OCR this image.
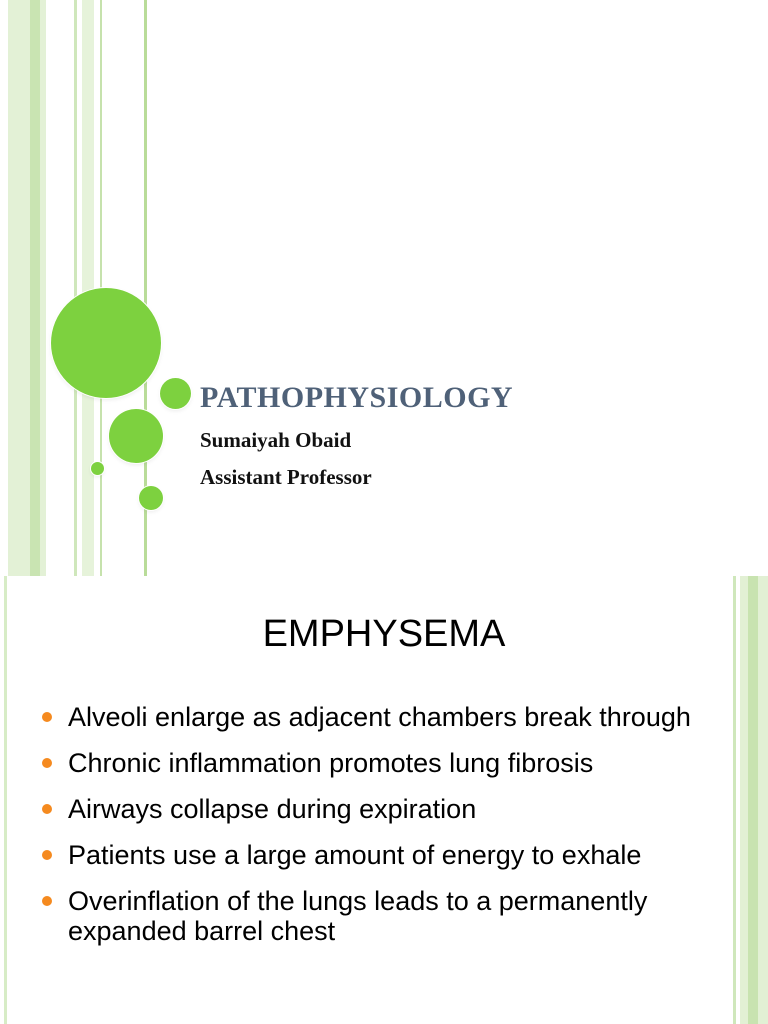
PATHOPHYSIOLOGY
Sumaiyah Obaid
Assistant Professor
EMPHYSEMA
Alveoli enlarge as adjacent chambers break through
Chronic inflammation promotes lung fibrosis
Airways collapse during expiration
Patients use a large amount of energy to exhale
Overinflation of the lungs leads to a permanently expanded barrel chest
